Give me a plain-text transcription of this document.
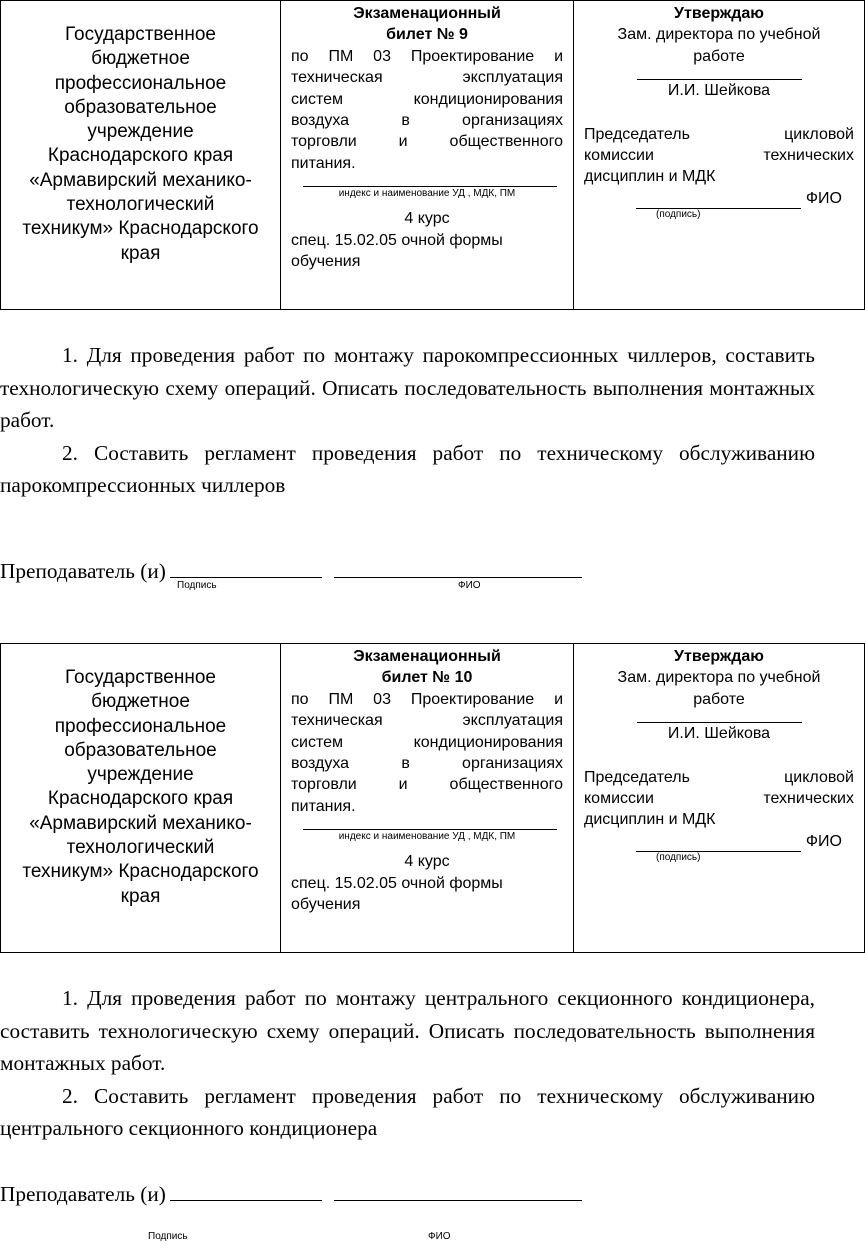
Государственное
бюджетное
профессиональное
образовательное
учреждение
Краснодарского края
«Армавирский механико-
технологический
техникум» Краснодарского
края

Экзаменационный
билет № 9
по ПМ 03 Проектирование и
техническая эксплуатация
систем кондиционирования
воздуха в организациях
торговли и общественного
питания.
индекс и наименование УД , МДК, ПМ
4 курс
спец. 15.02.05 очной формы
обучения

Утверждаю
Зам. директора по учебной
работе
И.И. Шейкова
Председатель цикловой
комиссии технических
дисциплин и МДК
ФИО
(подпись)

1. Для проведения работ по монтажу парокомпрессионных чиллеров, составить технологическую схему операций. Описать последовательность выполнения монтажных работ.

2. Составить регламент проведения работ по техническому обслуживанию парокомпрессионных чиллеров

Преподаватель (и)
Подпись	ФИО
Государственное
бюджетное
профессиональное
образовательное
учреждение
Краснодарского края
«Армавирский механико-
технологический
техникум» Краснодарского
края

Экзаменационный
билет № 10
по ПМ 03 Проектирование и
техническая эксплуатация
систем кондиционирования
воздуха в организациях
торговли и общественного
питания.
индекс и наименование УД , МДК, ПМ
4 курс
спец. 15.02.05 очной формы
обучения

Утверждаю
Зам. директора по учебной
работе
И.И. Шейкова
Председатель цикловой
комиссии технических
дисциплин и МДК
ФИО
(подпись)

1. Для проведения работ по монтажу центрального секционного кондиционера, составить технологическую схему операций. Описать последовательность выполнения монтажных работ.

2. Составить регламент проведения работ по техническому обслуживанию центрального секционного кондиционера

Преподаватель (и)
Подпись	ФИО
